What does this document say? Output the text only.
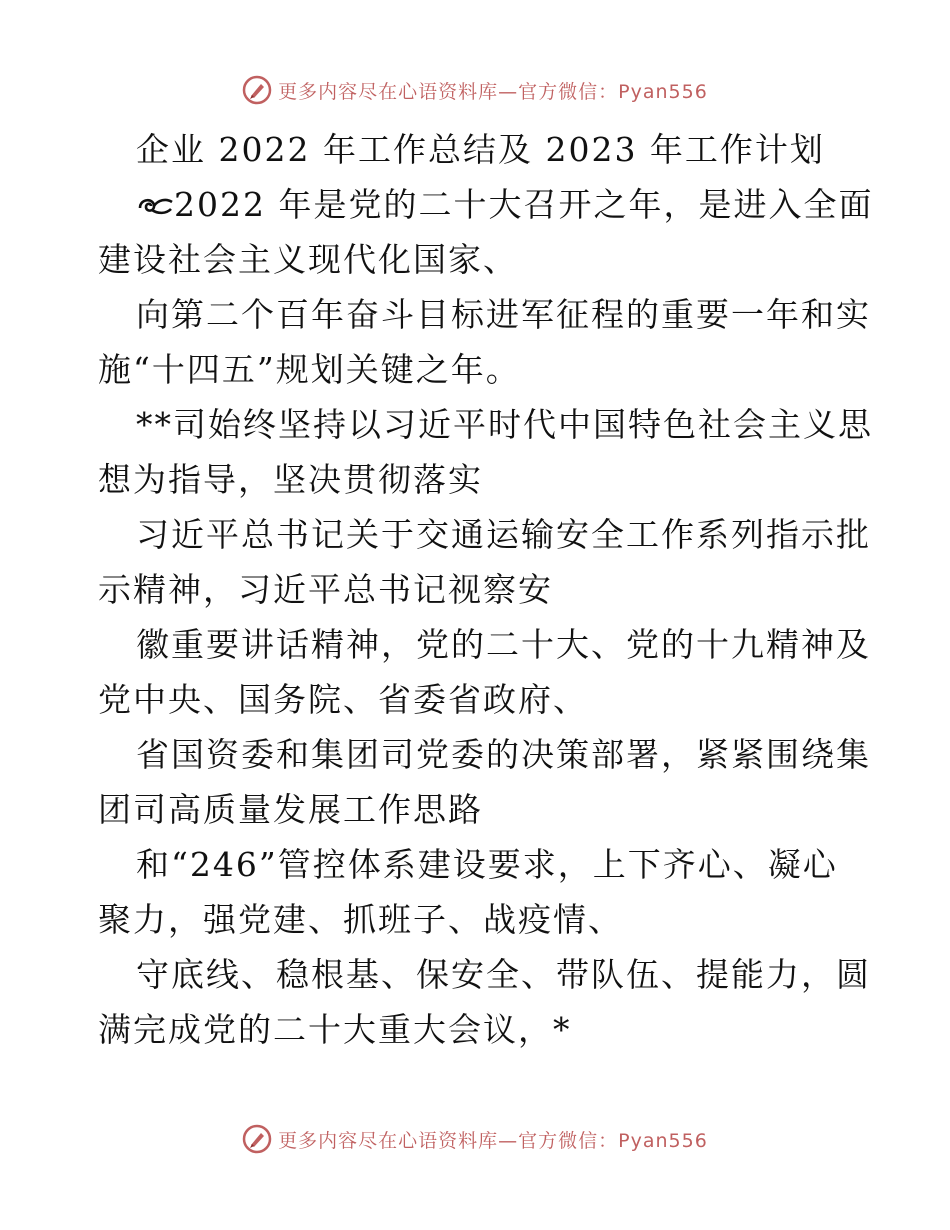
更多内容尽在心语资料库—官方微信：Pyan556

企业 2022 年工作总结及 2023 年工作计划

2022 年是党的二十大召开之年，是进入全面

建设社会主义现代化国家、

向第二个百年奋斗目标进军征程的重要一年和实

施“十四五”规划关键之年。

**司始终坚持以习近平时代中国特色社会主义思

想为指导，坚决贯彻落实

习近平总书记关于交通运输安全工作系列指示批

示精神，习近平总书记视察安

徽重要讲话精神，党的二十大、党的十九精神及

党中央、国务院、省委省政府、

省国资委和集团司党委的决策部署，紧紧围绕集

团司高质量发展工作思路

和“246”管控体系建设要求，上下齐心、凝心

聚力，强党建、抓班子、战疫情、

守底线、稳根基、保安全、带队伍、提能力，圆

满完成党的二十大重大会议，*

更多内容尽在心语资料库—官方微信：Pyan556
